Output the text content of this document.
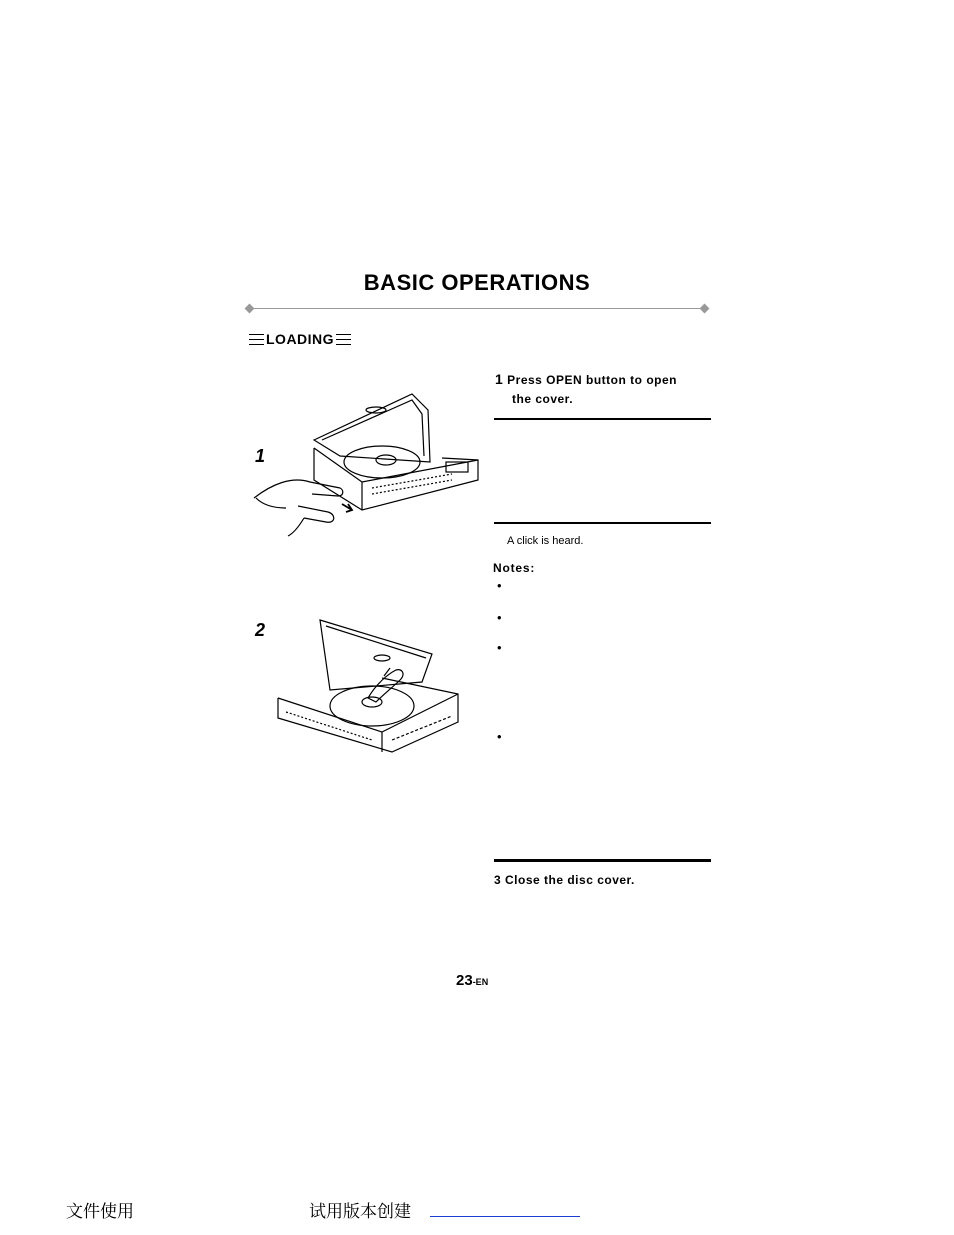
BASIC OPERATIONS
LOADING
1
2
1 Press OPEN button to open
the cover.
A click is heard.
Notes:
•
•
•
•
3 Close the disc cover.
23-EN
文件使用	试用版本创建
